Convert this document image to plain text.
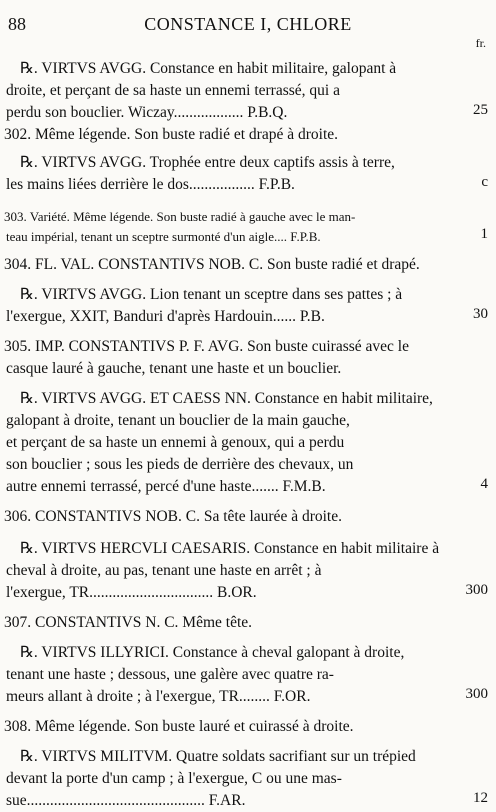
88	CONSTANCE I, CHLORE
fr.
℞. VIRTVS AVGG. Constance en habit militaire, galopant à
droite, et perçant de sa haste un ennemi terrassé, qui a
perdu son bouclier. Wiczay.................. P.B.Q.
302. Même légende. Son buste radié et drapé à droite.
℞. VIRTVS AVGG. Trophée entre deux captifs assis à terre,
les mains liées derrière le dos................. F.P.B.
303. Variété. Même légende. Son buste radié à gauche avec le man-
teau impérial, tenant un sceptre surmonté d'un aigle.... F.P.B.
304. FL. VAL. CONSTANTIVS NOB. C. Son buste radié et drapé.
℞. VIRTVS AVGG. Lion tenant un sceptre dans ses pattes ; à
l'exergue, XXIT, Banduri d'après Hardouin...... P.B.
305. IMP. CONSTANTIVS P. F. AVG. Son buste cuirassé avec le
casque lauré à gauche, tenant une haste et un bouclier.
℞. VIRTVS AVGG. ET CAESS NN. Constance en habit militaire,
galopant à droite, tenant un bouclier de la main gauche,
et perçant de sa haste un ennemi à genoux, qui a perdu
son bouclier ; sous les pieds de derrière des chevaux, un
autre ennemi terrassé, percé d'une haste....... F.M.B.
306. CONSTANTIVS NOB. C. Sa tête laurée à droite.
℞. VIRTVS HERCVLI CAESARIS. Constance en habit militaire à
cheval à droite, au pas, tenant une haste en arrêt ; à
l'exergue, TR................................ B.OR.
307. CONSTANTIVS N. C. Même tête.
℞. VIRTVS ILLYRICI. Constance à cheval galopant à droite,
tenant une haste ; dessous, une galère avec quatre ra-
meurs allant à droite ; à l'exergue, TR........ F.OR.
308. Même légende. Son buste lauré et cuirassé à droite.
℞. VIRTVS MILITVM. Quatre soldats sacrifiant sur un trépied
devant la porte d'un camp ; à l'exergue, C ou une mas-
sue.............................................. F.AR.
25
c
1
30
4
300
300
12
